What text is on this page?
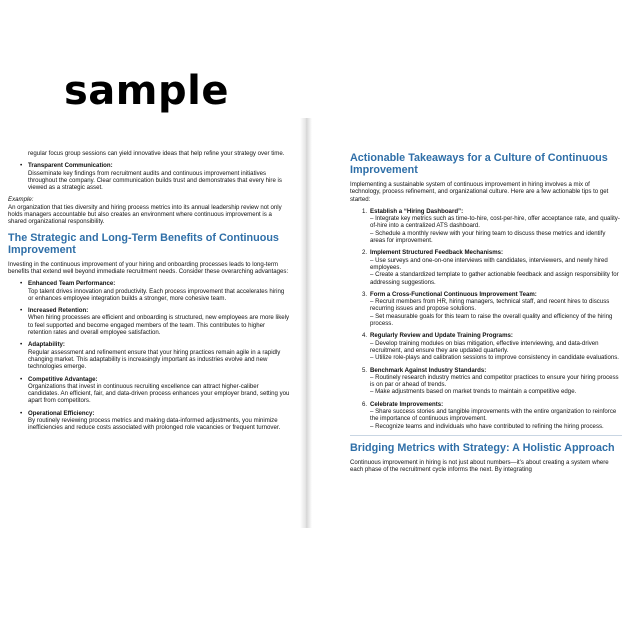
sample

regular focus group sessions can yield innovative ideas that help refine your strategy over time.

• Transparent Communication:

Disseminate key findings from recruitment audits and continuous improvement initiatives throughout the company. Clear communication builds trust and demonstrates that every hire is viewed as a strategic asset.

Example:

An organization that ties diversity and hiring process metrics into its annual leadership review not only holds managers accountable but also creates an environment where continuous improvement is a shared organizational responsibility.

The Strategic and Long-Term Benefits of Continuous Improvement

Investing in the continuous improvement of your hiring and onboarding processes leads to long-term benefits that extend well beyond immediate recruitment needs. Consider these overarching advantages:

• Enhanced Team Performance:

Top talent drives innovation and productivity. Each process improvement that accelerates hiring or enhances employee integration builds a stronger, more cohesive team.

• Increased Retention:

When hiring processes are efficient and onboarding is structured, new employees are more likely to feel supported and become engaged members of the team. This contributes to higher retention rates and overall employee satisfaction.

• Adaptability:

Regular assessment and refinement ensure that your hiring practices remain agile in a rapidly changing market. This adaptability is increasingly important as industries evolve and new technologies emerge.

• Competitive Advantage:

Organizations that invest in continuous recruiting excellence can attract higher-caliber candidates. An efficient, fair, and data-driven process enhances your employer brand, setting you apart from competitors.

• Operational Efficiency:

By routinely reviewing process metrics and making data-informed adjustments, you minimize inefficiencies and reduce costs associated with prolonged role vacancies or frequent turnover.

Actionable Takeaways for a Culture of Continuous Improvement

Implementing a sustainable system of continuous improvement in hiring involves a mix of technology, process refinement, and organizational culture. Here are a few actionable tips to get started:

1. Establish a “Hiring Dashboard”:

– Integrate key metrics such as time-to-hire, cost-per-hire, offer acceptance rate, and quality-of-hire into a centralized ATS dashboard.

– Schedule a monthly review with your hiring team to discuss these metrics and identify areas for improvement.

2. Implement Structured Feedback Mechanisms:

– Use surveys and one-on-one interviews with candidates, interviewers, and newly hired employees.

– Create a standardized template to gather actionable feedback and assign responsibility for addressing suggestions.

3. Form a Cross-Functional Continuous Improvement Team:

– Recruit members from HR, hiring managers, technical staff, and recent hires to discuss recurring issues and propose solutions.

– Set measurable goals for this team to raise the overall quality and efficiency of the hiring process.

4. Regularly Review and Update Training Programs:

– Develop training modules on bias mitigation, effective interviewing, and data-driven recruitment, and ensure they are updated quarterly.

– Utilize role-plays and calibration sessions to improve consistency in candidate evaluations.

5. Benchmark Against Industry Standards:

– Routinely research industry metrics and competitor practices to ensure your hiring process is on par or ahead of trends.

– Make adjustments based on market trends to maintain a competitive edge.

6. Celebrate Improvements:

– Share success stories and tangible improvements with the entire organization to reinforce the importance of continuous improvement.

– Recognize teams and individuals who have contributed to refining the hiring process.

Bridging Metrics with Strategy: A Holistic Approach

Continuous improvement in hiring is not just about numbers—it’s about creating a system where each phase of the recruitment cycle informs the next. By integrating
